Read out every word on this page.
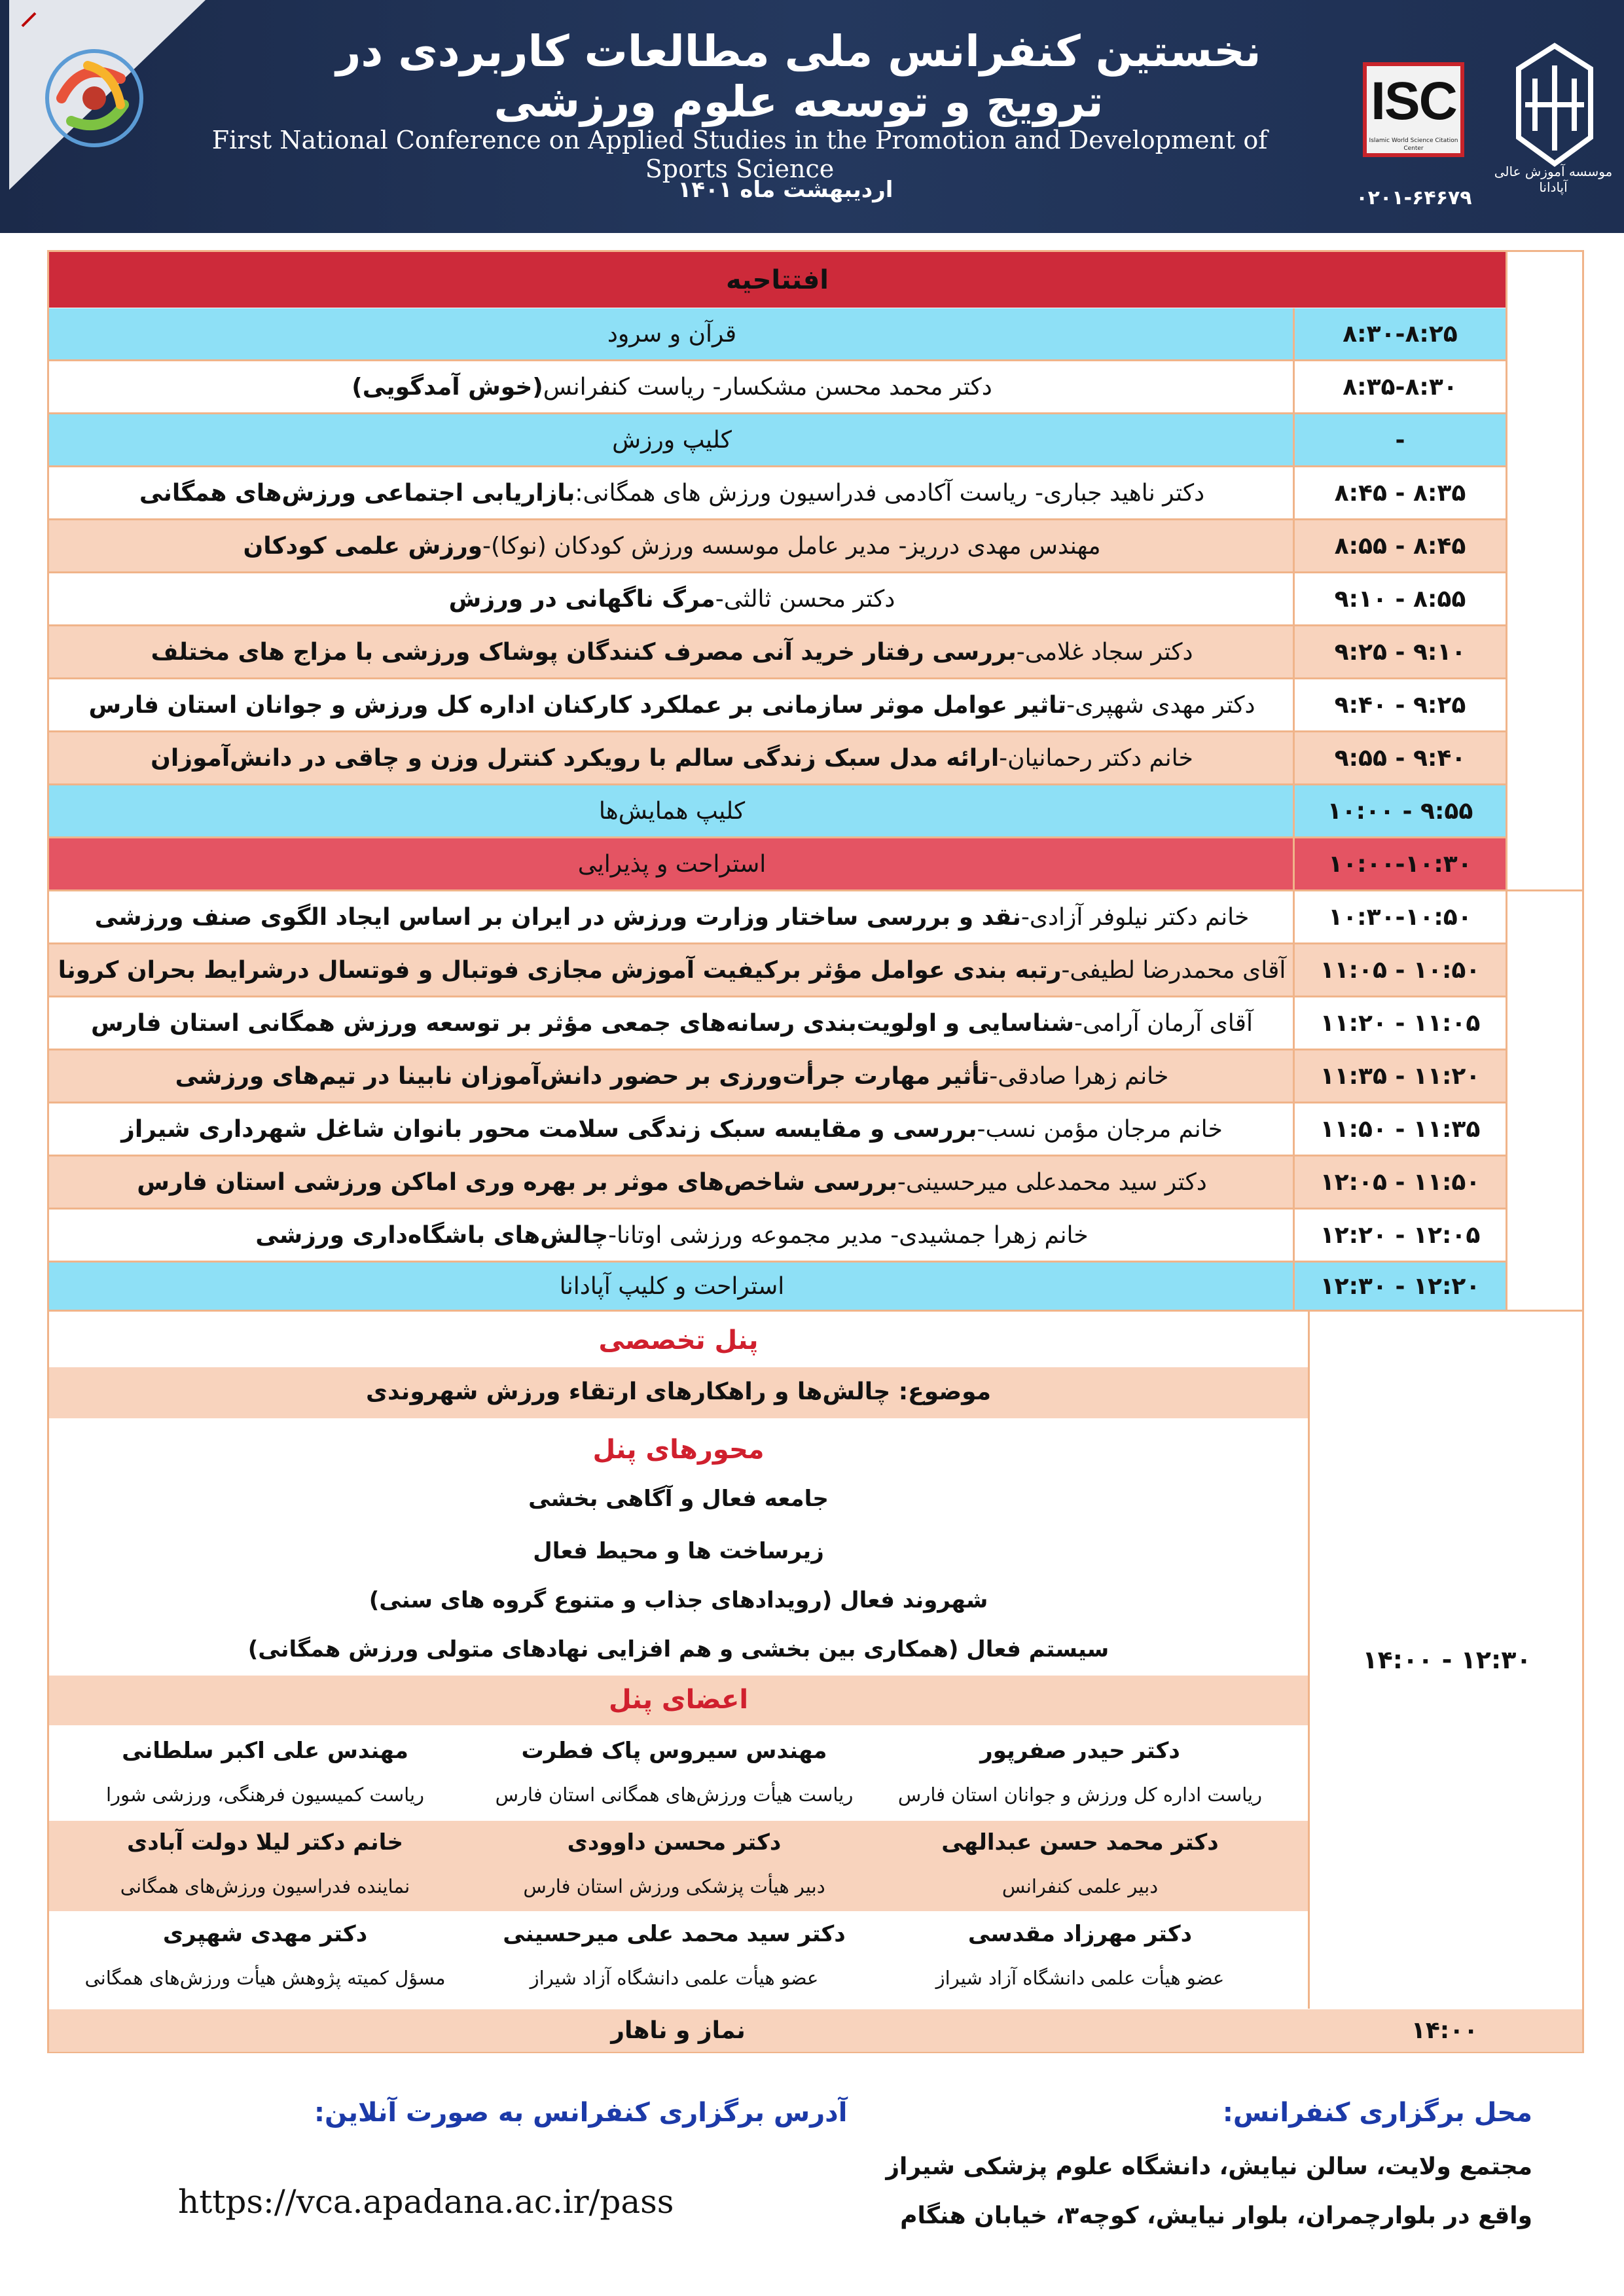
نخستین کنفرانس ملی مطالعات کاربردی در ترویج و توسعه علوم ورزشی
First National Conference on Applied Studies in the Promotion and Development of Sports Science
اردیبهشت ماه ۱۴۰۱
ISC
Islamic World Science Citation Center
۰۲۰۱-۶۴۶۷۹
موسسه آموزش عالی آپادانا
افتتاحیه
۸:۳۰-۸:۲۵
قرآن و سرود
۸:۳۵-۸:۳۰
دکتر محمد محسن مشکسار- ریاست کنفرانس
(خوش آمدگویی)
-
کلیپ ورزش
۸:۴۵ - ۸:۳۵
دکتر ناهید جباری- ریاست آکادمی فدراسیون ورزش های همگانی:
بازاریابی اجتماعی ورزش‌های همگانی
۸:۵۵ - ۸:۴۵
مهندس مهدی درریز- مدیر عامل موسسه ورزش کودکان (نوکا)-
ورزش علمی کودکان
۹:۱۰ - ۸:۵۵
دکتر محسن ثالثی-
مرگ ناگهانی در ورزش
۹:۲۵ - ۹:۱۰
دکتر سجاد غلامی-
بررسی رفتار خرید آنی مصرف کنندگان پوشاک ورزشی با مزاج های مختلف
۹:۴۰ - ۹:۲۵
دکتر مهدی شهپری-
تاثیر عوامل موثر سازمانی بر عملکرد کارکنان اداره کل ورزش و جوانان استان فارس
۹:۵۵ - ۹:۴۰
خانم دکتر رحمانیان-
ارائه مدل سبک زندگی سالم با رویکرد کنترل وزن و چاقی در دانش‌آموزان
۱۰:۰۰ - ۹:۵۵
کلیپ همایش‌ها
۱۰:۰۰-۱۰:۳۰
استراحت و پذیرایی
۱۰:۳۰-۱۰:۵۰
خانم دکتر نیلوفر آزادی-
نقد و بررسی ساختار وزارت ورزش در ایران بر اساس ایجاد الگوی صنف ورزشی
۱۱:۰۵ - ۱۰:۵۰
آقای محمدرضا لطیفی-
رتبه بندی عوامل مؤثر برکیفیت آموزش مجازی فوتبال و فوتسال درشرایط بحران کرونا
۱۱:۲۰ - ۱۱:۰۵
آقای آرمان آرامی-
شناسایی و اولویت‌بندی رسانه‌های جمعی مؤثر بر توسعه ورزش همگانی استان فارس
۱۱:۳۵ - ۱۱:۲۰
خانم زهرا صادقی-
تأثیر مهارت جرأت‌ورزی بر حضور دانش‌آموزان نابینا در تیم‌های ورزشی
۱۱:۵۰ - ۱۱:۳۵
خانم مرجان مؤمن نسب-
بررسی و مقایسه سبک زندگی سلامت محور بانوان شاغل شهرداری شیراز
۱۲:۰۵ - ۱۱:۵۰
دکتر سید محمدعلی میرحسینی-
بررسی شاخص‌های موثر بر بهره وری اماکن ورزشی استان فارس
۱۲:۲۰ - ۱۲:۰۵
خانم زهرا جمشیدی- مدیر مجموعه ورزشی اوتانا-
چالش‌های باشگاه‌داری ورزشی
۱۲:۳۰ - ۱۲:۲۰
استراحت و کلیپ آپادانا
۱۴:۰۰ - ۱۲:۳۰
پنل تخصصی
موضوع: چالش‌ها و راهکارهای ارتقاء ورزش شهروندی
محورهای پنل
جامعه فعال و آگاهی بخشی
زیرساخت ها و محیط فعال
شهروند فعال (رویدادهای جذاب و متنوع گروه های سنی)
سیستم فعال (همکاری بین بخشی و هم افزایی نهادهای متولی ورزش همگانی)
اعضای پنل
دکتر حیدر صفرپور
ریاست اداره کل ورزش و جوانان استان فارس
مهندس سیروس پاک فطرت
ریاست هیأت ورزش‌های همگانی استان فارس
مهندس علی اکبر سلطانی
ریاست کمیسیون فرهنگی، ورزشی شورا
دکتر محمد حسن عبدالهی
دبیر علمی کنفرانس
دکتر محسن داوودی
دبیر هیأت پزشکی ورزش استان فارس
خانم دکتر لیلا دولت آبادی
نماینده فدراسیون ورزش‌های همگانی
دکتر مهرزاد مقدسی
عضو هیأت علمی دانشگاه آزاد شیراز
دکتر سید محمد علی میرحسینی
عضو هیأت علمی دانشگاه آزاد شیراز
دکتر مهدی شهپری
مسؤل کمیته پژوهش هیأت ورزش‌های همگانی
۱۴:۰۰
نماز و ناهار
محل برگزاری کنفرانس:
مجتمع ولایت، سالن نیایش، دانشگاه علوم پزشکی شیراز
واقع در بلوارچمران، بلوار نیایش، کوچه۳، خیابان هنگام
آدرس برگزاری کنفرانس به صورت آنلاین:
https://vca.apadana.ac.ir/pass
